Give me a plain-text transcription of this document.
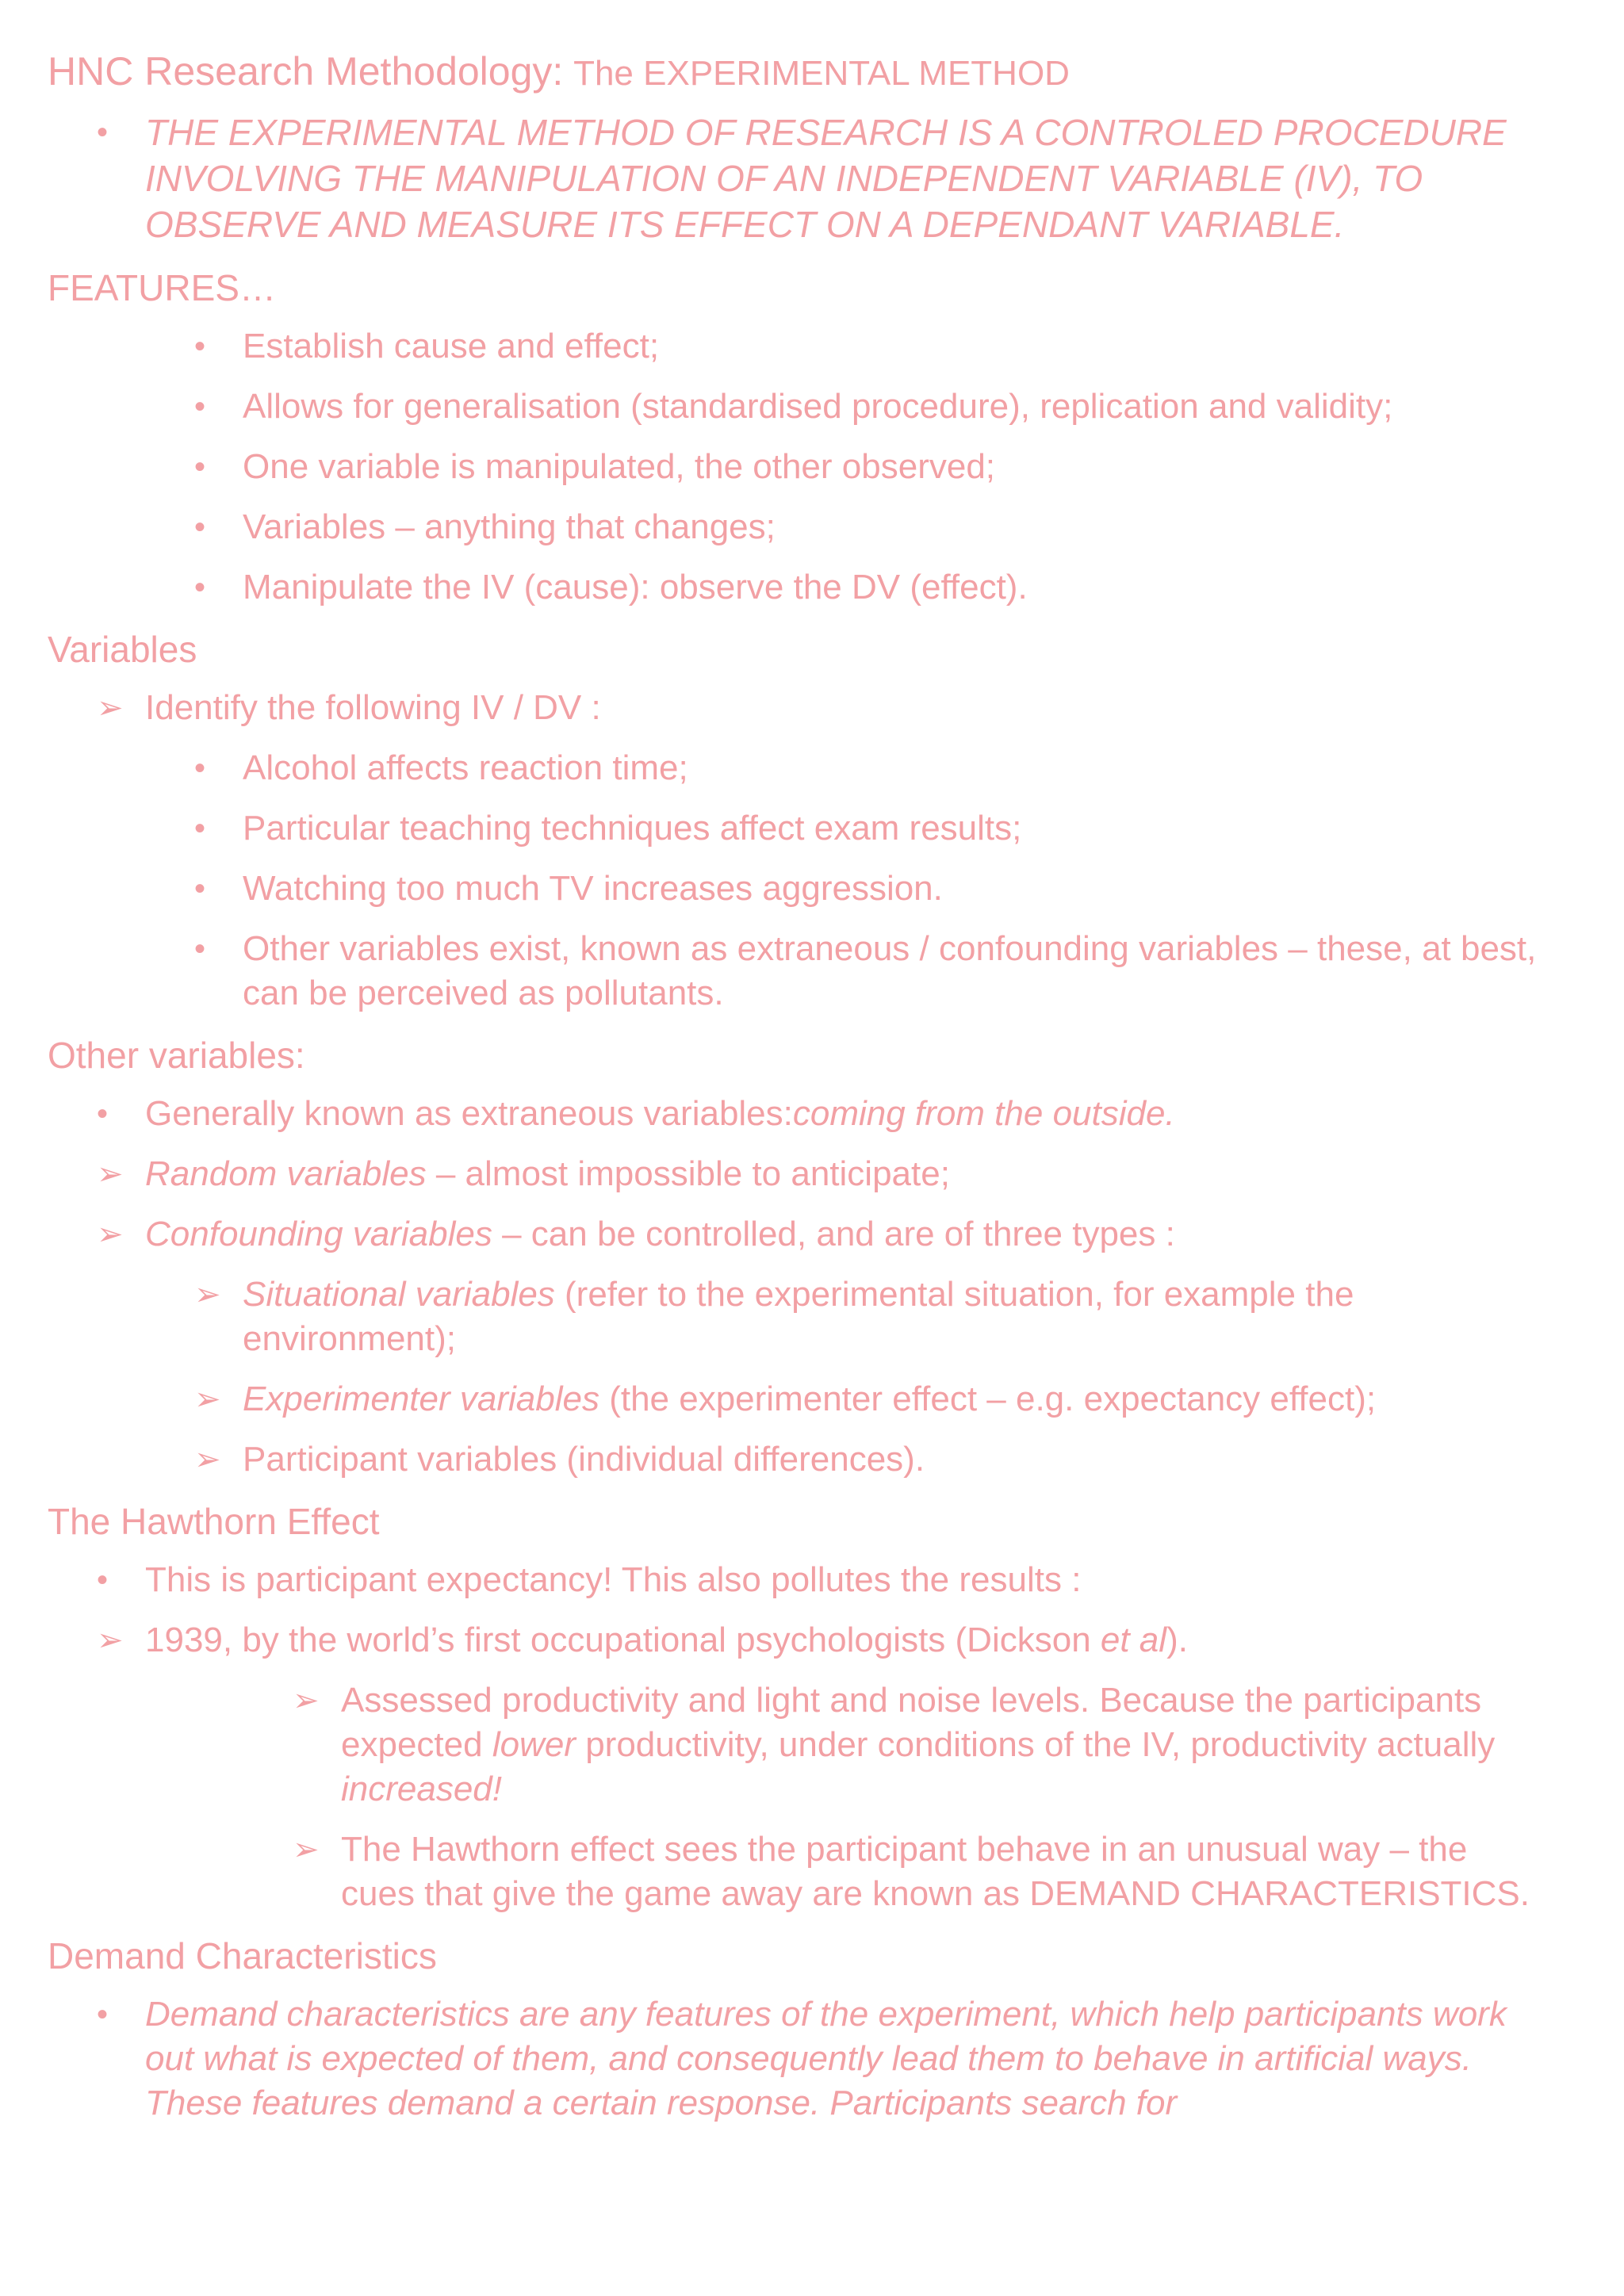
HNC Research Methodology: The EXPERIMENTAL METHOD
• THE EXPERIMENTAL METHOD OF RESEARCH IS A CONTROLED PROCEDURE INVOLVING THE MANIPULATION OF AN INDEPENDENT VARIABLE (IV), TO OBSERVE AND MEASURE ITS EFFECT ON A DEPENDANT VARIABLE.
FEATURES…
• Establish cause and effect;
• Allows for generalisation (standardised procedure), replication and validity;
• One variable is manipulated, the other observed;
• Variables – anything that changes;
• Manipulate the IV (cause): observe the DV (effect).
Variables
➢ Identify the following IV / DV :
• Alcohol affects reaction time;
• Particular teaching techniques affect exam results;
• Watching too much TV increases aggression.
• Other variables exist, known as extraneous / confounding variables – these, at best, can be perceived as pollutants.
Other variables:
• Generally known as extraneous variables:coming from the outside.
➢ Random variables – almost impossible to anticipate;
➢ Confounding variables – can be controlled, and are of three types :
➢ Situational variables (refer to the experimental situation, for example the environment);
➢ Experimenter variables (the experimenter effect – e.g. expectancy effect);
➢ Participant variables (individual differences).
The Hawthorn Effect
• This is participant expectancy! This also pollutes the results :
➢ 1939, by the world’s first occupational psychologists (Dickson et al).
➢ Assessed productivity and light and noise levels. Because the participants expected lower productivity, under conditions of the IV, productivity actually increased!
➢ The Hawthorn effect sees the participant behave in an unusual way – the cues that give the game away are known as DEMAND CHARACTERISTICS.
Demand Characteristics
• Demand characteristics are any features of the experiment, which help participants work out what is expected of them, and consequently lead them to behave in artificial ways. These features demand a certain response. Participants search for
